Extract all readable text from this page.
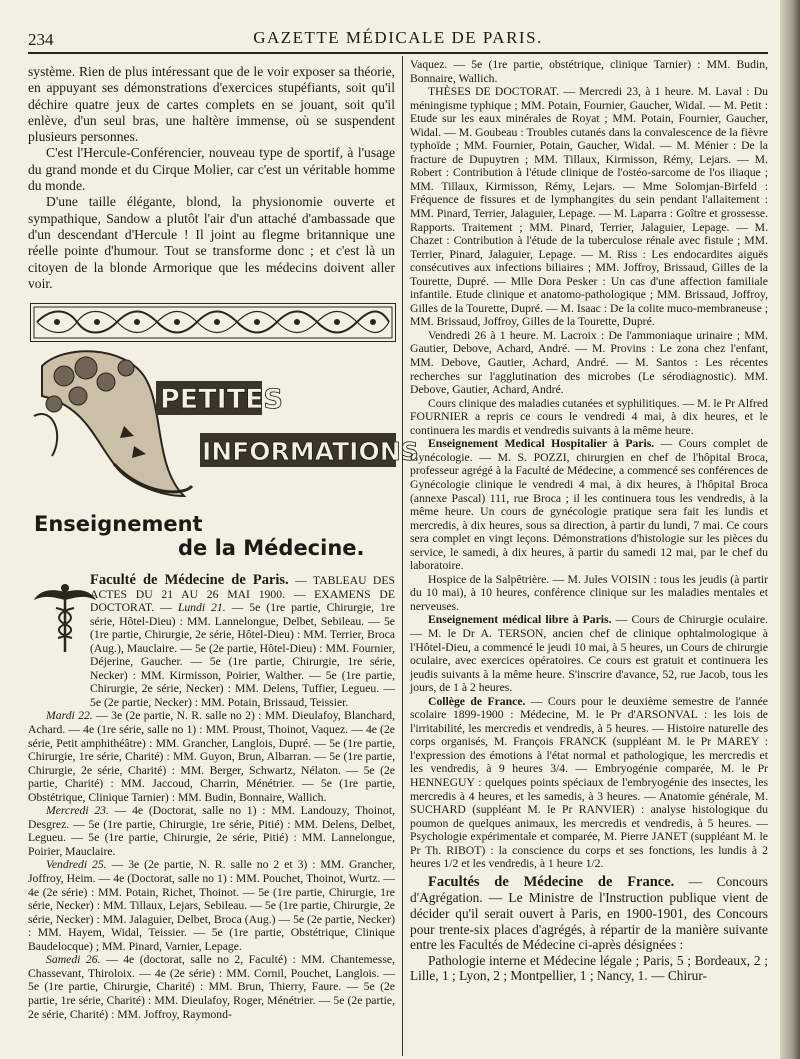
234	GAZETTE MÉDICALE DE PARIS.

système. Rien de plus intéressant que de le voir exposer sa théorie, en appuyant ses démonstrations d'exercices stupéfiants, soit qu'il déchire quatre jeux de cartes complets en se jouant, soit qu'il enlève, d'un seul bras, une haltère immense, où se suspendent plusieurs personnes.

C'est l'Hercule-Conférencier, nouveau type de sportif, à l'usage du grand monde et du Cirque Molier, car c'est un véritable homme du monde.

D'une taille élégante, blond, la physionomie ouverte et sympathique, Sandow a plutôt l'air d'un attaché d'ambassade que d'un descendant d'Hercule ! Il joint au flegme britannique une réelle pointe d'humour. Tout se transforme donc ; et c'est là un citoyen de la blonde Armorique que les médecins doivent aller voir.

PETITES
INFORMATIONS
Enseignement
de la Médecine.

Faculté de Médecine de Paris. — TABLEAU DES ACTES DU 21 AU 26 MAI 1900. — EXAMENS DE DOCTORAT. — Lundi 21. — 5e (1re partie, Chirurgie, 1re série, Hôtel-Dieu) : MM. Lannelongue, Delbet, Sebileau. — 5e (1re partie, Chirurgie, 2e série, Hôtel-Dieu) : MM. Terrier, Broca (Aug.), Mauclaire. — 5e (2e partie, Hôtel-Dieu) : MM. Fournier, Déjerine, Gaucher. — 5e (1re partie, Chirurgie, 1re série, Necker) : MM. Kirmisson, Poirier, Walther. — 5e (1re partie, Chirurgie, 2e série, Necker) : MM. Delens, Tuffier, Legueu. — 5e (2e partie, Necker) : MM. Potain, Brissaud, Teissier.

Mardi 22. — 3e (2e partie, N. R. salle no 2) : MM. Dieulafoy, Blanchard, Achard. — 4e (1re série, salle no 1) : MM. Proust, Thoinot, Vaquez. — 4e (2e série, Petit amphithéâtre) : MM. Grancher, Langlois, Dupré. — 5e (1re partie, Chirurgie, 1re série, Charité) : MM. Guyon, Brun, Albarran. — 5e (1re partie, Chirurgie, 2e série, Charité) : MM. Berger, Schwartz, Nélaton. — 5e (2e partie, Charité) : MM. Jaccoud, Charrin, Ménétrier. — 5e (1re partie, Obstétrique, Clinique Tarnier) : MM. Budin, Bonnaire, Wallich.

Mercredi 23. — 4e (Doctorat, salle no 1) : MM. Landouzy, Thoinot, Desgrez. — 5e (1re partie, Chirurgie, 1re série, Pitié) : MM. Delens, Delbet, Legueu. — 5e (1re partie, Chirurgie, 2e série, Pitié) : MM. Lannelongue, Poirier, Mauclaire.

Vendredi 25. — 3e (2e partie, N. R. salle no 2 et 3) : MM. Grancher, Joffroy, Heim. — 4e (Doctorat, salle no 1) : MM. Pouchet, Thoinot, Wurtz. — 4e (2e série) : MM. Potain, Richet, Thoinot. — 5e (1re partie, Chirurgie, 1re série, Necker) : MM. Tillaux, Lejars, Sebileau. — 5e (1re partie, Chirurgie, 2e série, Necker) : MM. Jalaguier, Delbet, Broca (Aug.) — 5e (2e partie, Necker) : MM. Hayem, Widal, Teissier. — 5e (1re partie, Obstétrique, Clinique Baudelocque) ; MM. Pinard, Varnier, Lepage.

Samedi 26. — 4e (doctorat, salle no 2, Faculté) : MM. Chantemesse, Chassevant, Thiroloix. — 4e (2e série) : MM. Cornil, Pouchet, Langlois. — 5e (1re partie, Chirurgie, Charité) : MM. Brun, Thierry, Faure. — 5e (2e partie, 1re série, Charité) : MM. Dieulafoy, Roger, Ménétrier. — 5e (2e partie, 2e série, Charité) : MM. Joffroy, Raymond-

Vaquez. — 5e (1re partie, obstétrique, clinique Tarnier) : MM. Budin, Bonnaire, Wallich.

THÈSES DE DOCTORAT. — Mercredi 23, à 1 heure. M. Laval : Du méningisme typhique ; MM. Potain, Fournier, Gaucher, Widal. — M. Petit : Etude sur les eaux minérales de Royat ; MM. Potain, Fournier, Gaucher, Widal. — M. Goubeau : Troubles cutanés dans la convalescence de la fièvre typhoïde ; MM. Fournier, Potain, Gaucher, Widal. — M. Ménier : De la fracture de Dupuytren ; MM. Tillaux, Kirmisson, Rémy, Lejars. — M. Robert : Contribution à l'étude clinique de l'ostéo-sarcome de l'os iliaque ; MM. Tillaux, Kirmisson, Rémy, Lejars. — Mme Solomjan-Birfeld : Fréquence de fissures et de lymphangites du sein pendant l'allaitement : MM. Pinard, Terrier, Jalaguier, Lepage. — M. Laparra : Goître et grossesse. Rapports. Traitement ; MM. Pinard, Terrier, Jalaguier, Lepage. — M. Chazet : Contribution à l'étude de la tuberculose rénale avec fistule ; MM. Terrier, Pinard, Jalaguier, Lepage. — M. Riss : Les endocardites aiguës consécutives aux infections biliaires ; MM. Joffroy, Brissaud, Gilles de la Tourette, Dupré. — Mlle Dora Pesker : Un cas d'une affection familiale infantile. Etude clinique et anatomo-pathologique ; MM. Brissaud, Joffroy, Gilles de la Tourette, Dupré. — M. Isaac : De la colite muco-membraneuse ; MM. Brissaud, Joffroy, Gilles de la Tourette, Dupré.

Vendredi 26 à 1 heure. M. Lacroix : De l'ammoniaque urinaire ; MM. Gautier, Debove, Achard, André. — M. Provins : Le zona chez l'enfant, MM. Debove, Gautier, Achard, André. — M. Santos : Les récentes recherches sur l'agglutination des microbes (Le sérodiagnostic). MM. Debove, Gautier, Achard, André.

Cours clinique des maladies cutanées et syphilitiques. — M. le Pr Alfred FOURNIER a repris ce cours le vendredi 4 mai, à dix heures, et le continuera les mardis et vendredis suivants à la même heure.

Enseignement Medical Hospitalier à Paris. — Cours complet de Gynécologie. — M. S. POZZI, chirurgien en chef de l'hôpital Broca, professeur agrégé à la Faculté de Médecine, a commencé ses conférences de Gynécologie clinique le vendredi 4 mai, à dix heures, à l'hôpital Broca (annexe Pascal) 111, rue Broca ; il les continuera tous les vendredis, à la même heure. Un cours de gynécologie pratique sera fait les lundis et mercredis, à dix heures, sous sa direction, à partir du lundi, 7 mai. Ce cours sera complet en vingt leçons. Démonstrations d'histologie sur les pièces du service, le samedi, à dix heures, à partir du samedi 12 mai, par le chef du laboratoire.

Hospice de la Salpêtrière. — M. Jules VOISIN : tous les jeudis (à partir du 10 mai), à 10 heures, conférence clinique sur les maladies mentales et nerveuses.

Enseignement médical libre à Paris. — Cours de Chirurgie oculaire. — M. le Dr A. TERSON, ancien chef de clinique ophtalmologique à l'Hôtel-Dieu, a commencé le jeudi 10 mai, à 5 heures, un Cours de chirurgie oculaire, avec exercices opératoires. Ce cours est gratuit et continuera les jeudis suivants à la même heure. S'inscrire d'avance, 52, rue Jacob, tous les jours, de 1 à 2 heures.

Collège de France. — Cours pour le deuxième semestre de l'année scolaire 1899-1900 : Médecine, M. le Pr d'ARSONVAL : les lois de l'irritabilité, les mercredis et vendredis, à 5 heures. — Histoire naturelle des corps organisés, M. François FRANCK (suppléant M. le Pr MAREY : l'expression des émotions à l'état normal et pathologique, les mercredis et les vendredis, à 9 heures 3/4. — Embryogénie comparée, M. le Pr HENNEGUY : quelques points spéciaux de l'embryogénie des insectes, les mercredis à 4 heures, et les samedis, à 3 heures. — Anatomie générale, M. SUCHARD (suppléant M. le Pr RANVIER) : analyse histologique du poumon de quelques animaux, les mercredis et vendredis, à 5 heures. — Psychologie expérimentale et comparée, M. Pierre JANET (suppléant M. le Pr Th. RIBOT) : la conscience du corps et ses fonctions, les lundis à 2 heures 1/2 et les vendredis, à 1 heure 1/2.

Facultés de Médecine de France. — Concours d'Agrégation. — Le Ministre de l'Instruction publique vient de décider qu'il serait ouvert à Paris, en 1900-1901, des Concours pour trente-six places d'agrégés, à répartir de la manière suivante entre les Facultés de Médecine ci-après désignées :

Pathologie interne et Médecine légale ; Paris, 5 ; Bordeaux, 2 ; Lille, 1 ; Lyon, 2 ; Montpellier, 1 ; Nancy, 1. — Chirur-
